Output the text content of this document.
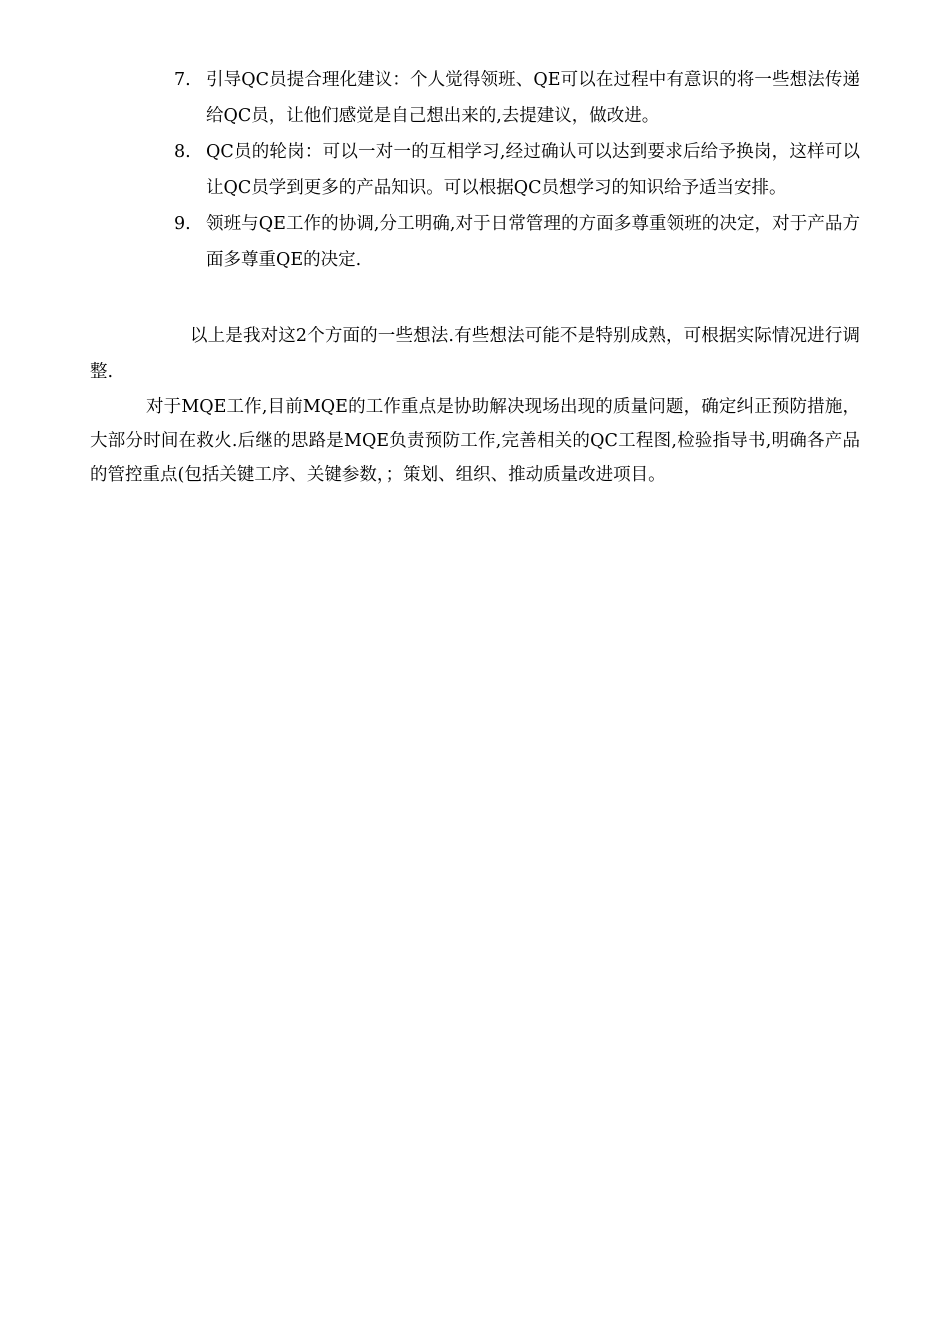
7. 引导QC员提合理化建议：个人觉得领班、QE可以在过程中有意识的将一些想法传递给QC员，让他们感觉是自己想出来的,去提建议，做改进。
8. QC员的轮岗：可以一对一的互相学习,经过确认可以达到要求后给予换岗，这样可以让QC员学到更多的产品知识。可以根据QC员想学习的知识给予适当安排。
9. 领班与QE工作的协调,分工明确,对于日常管理的方面多尊重领班的决定，对于产品方面多尊重QE的决定.

以上是我对这2个方面的一些想法.有些想法可能不是特别成熟，可根据实际情况进行调整.

对于MQE工作,目前MQE的工作重点是协助解决现场出现的质量问题，确定纠正预防措施，大部分时间在救火.后继的思路是MQE负责预防工作,完善相关的QC工程图,检验指导书,明确各产品的管控重点(包括关键工序、关键参数，；策划、组织、推动质量改进项目。
